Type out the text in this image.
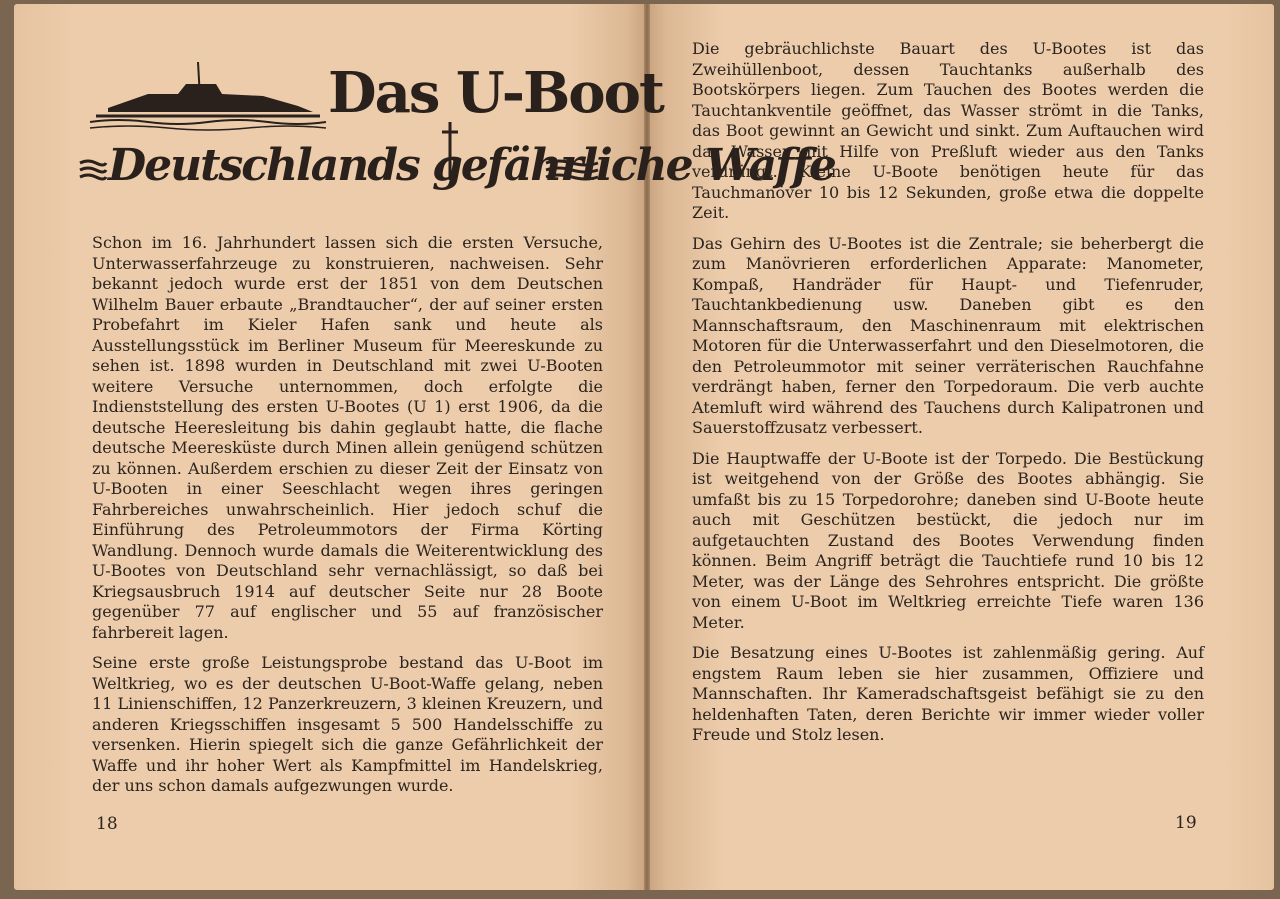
Das U-Boot
Deutschlands gefährliche Waffe

Schon im 16. Jahrhundert lassen sich die ersten Versuche, Unterwasserfahrzeuge zu konstruieren, nachweisen. Sehr bekannt jedoch wurde erst der 1851 von dem Deutschen Wilhelm Bauer erbaute „Brandtaucher“, der auf seiner ersten Probefahrt im Kieler Hafen sank und heute als Ausstellungsstück im Berliner Museum für Meereskunde zu sehen ist. 1898 wurden in Deutschland mit zwei U-Booten weitere Versuche unternommen, doch erfolgte die Indienststellung des ersten U-Bootes (U 1) erst 1906, da die deutsche Heeresleitung bis dahin geglaubt hatte, die flache deutsche Meeresküste durch Minen allein genügend schützen zu können. Außerdem erschien zu dieser Zeit der Einsatz von U-Booten in einer Seeschlacht wegen ihres geringen Fahrbereiches unwahrscheinlich. Hier jedoch schuf die Einführung des Petroleummotors der Firma Körting Wandlung. Dennoch wurde damals die Weiterentwicklung des U-Bootes von Deutschland sehr vernachlässigt, so daß bei Kriegsausbruch 1914 auf deutscher Seite nur 28 Boote gegenüber 77 auf englischer und 55 auf französischer fahrbereit lagen.

Seine erste große Leistungsprobe bestand das U-Boot im Weltkrieg, wo es der deutschen U-Boot-Waffe gelang, neben 11 Linienschiffen, 12 Panzerkreuzern, 3 kleinen Kreuzern, und anderen Kriegsschiffen insgesamt 5 500 Handelsschiffe zu versenken. Hierin spiegelt sich die ganze Gefährlichkeit der Waffe und ihr hoher Wert als Kampfmittel im Handelskrieg, der uns schon damals aufgezwungen wurde.

18

Die gebräuchlichste Bauart des U-Bootes ist das Zweihüllenboot, dessen Tauchtanks außerhalb des Bootskörpers liegen. Zum Tauchen des Bootes werden die Tauchtankventile geöffnet, das Wasser strömt in die Tanks, das Boot gewinnt an Gewicht und sinkt. Zum Auftauchen wird das Wasser mit Hilfe von Preßluft wieder aus den Tanks verdrängt. Kleine U-Boote benötigen heute für das Tauchmanöver 10 bis 12 Sekunden, große etwa die doppelte Zeit.

Das Gehirn des U-Bootes ist die Zentrale; sie beherbergt die zum Manövrieren erforderlichen Apparate: Manometer, Kompaß, Handräder für Haupt- und Tiefenruder, Tauchtankbedienung usw. Daneben gibt es den Mannschaftsraum, den Maschinenraum mit elektrischen Motoren für die Unterwasserfahrt und den Dieselmotoren, die den Petroleummotor mit seiner verräterischen Rauchfahne verdrängt haben, ferner den Torpedoraum. Die verb auchte Atemluft wird während des Tauchens durch Kalipatronen und Sauerstoffzusatz verbessert.

Die Hauptwaffe der U-Boote ist der Torpedo. Die Bestückung ist weitgehend von der Größe des Bootes abhängig. Sie umfaßt bis zu 15 Torpedorohre; daneben sind U-Boote heute auch mit Geschützen bestückt, die jedoch nur im aufgetauchten Zustand des Bootes Verwendung finden können. Beim Angriff beträgt die Tauchtiefe rund 10 bis 12 Meter, was der Länge des Sehrohres entspricht. Die größte von einem U-Boot im Weltkrieg erreichte Tiefe waren 136 Meter.

Die Besatzung eines U-Bootes ist zahlenmäßig gering. Auf engstem Raum leben sie hier zusammen, Offiziere und Mannschaften. Ihr Kameradschaftsgeist befähigt sie zu den heldenhaften Taten, deren Berichte wir immer wieder voller Freude und Stolz lesen.

19
